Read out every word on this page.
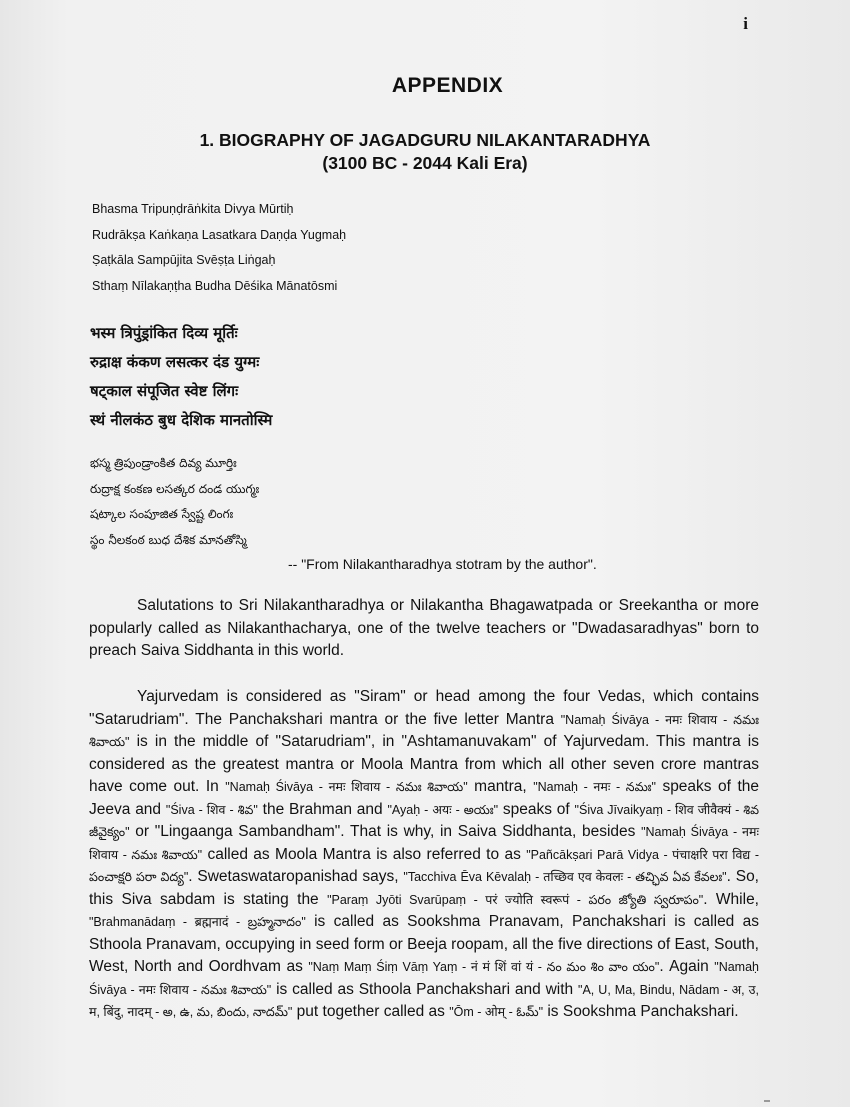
i
APPENDIX
1. BIOGRAPHY OF JAGADGURU NILAKANTARADHYA
(3100 BC - 2044 Kali Era)
Bhasma Tripuṇḍrāṅkita Divya Mūrtiḥ
Rudrākṣa Kaṅkaṇa Lasatkara Daṇḍa Yugmaḥ
Ṣaṭkāla Sampūjita Svēṣṭa Liṅgaḥ
Sthaṃ Nīlakaṇṭha Budha Dēśika Mānatōsmi
भस्म त्रिपुंड्रांकित दिव्य मूर्तिः
रुद्राक्ष कंकण लसत्कर दंड युग्मः
षट्काल संपूजित स्वेष्ट लिंगः
स्थं नीलकंठ बुध देशिक मानतोस्मि
భస్మ త్రిపుండ్రాంకిత దివ్య మూర్తిః
రుద్రాక్ష కంకణ లసత్కర దండ యుగ్మః
షట్కాల సంపూజిత స్వేష్ట లింగః
స్థం నీలకంఠ బుధ దేశిక మానతోస్మి
-- "From Nilakantharadhya stotram by the author".

Salutations to Sri Nilakantharadhya or Nilakantha Bhagawatpada or Sreekantha or more popularly called as Nilakanthacharya, one of the twelve teachers or "Dwadasaradhyas" born to preach Saiva Siddhanta in this world.

Yajurvedam is considered as "Siram" or head among the four Vedas, which contains "Satarudriam". The Panchakshari mantra or the five letter Mantra "Namaḥ Śivāya - नमः शिवाय - నమః శివాయ" is in the middle of "Satarudriam", in "Ashtamanuvakam" of Yajurvedam. This mantra is considered as the greatest mantra or Moola Mantra from which all other seven crore mantras have come out. In "Namaḥ Śivāya - नमः शिवाय - నమః శివాయ" mantra, "Namaḥ - नमः - నమః" speaks of the Jeeva and "Śiva - शिव - శివ" the Brahman and "Ayaḥ - अयः - అయః" speaks of "Śiva Jīvaikyaṃ - शिव जीवैक्यं - శివ జీవైక్యం" or "Lingaanga Sambandham". That is why, in Saiva Siddhanta, besides "Namaḥ Śivāya - नमः शिवाय - నమః శివాయ" called as Moola Mantra is also referred to as "Pañcākṣari Parā Vidya - पंचाक्षरि परा विद्य - పంచాక్షరి పరా విద్య". Swetaswataropanishad says, "Tacchiva Ēva Kēvalaḥ - तच्छिव एव केवलः - తచ్ఛివ ఏవ కేవలః". So, this Siva sabdam is stating the "Paraṃ Jyōti Svarūpaṃ - परं ज्योति स्वरूपं - పరం జ్యోతి స్వరూపం". While, "Brahmanādaṃ - ब्रह्मनादं - బ్రహ్మనాదం" is called as Sookshma Pranavam, Panchakshari is called as Sthoola Pranavam, occupying in seed form or Beeja roopam, all the five directions of East, South, West, North and Oordhvam as "Naṃ Maṃ Śiṃ Vāṃ Yaṃ - नं मं शिं वां यं - నం మం శిం వాం యం". Again "Namaḥ Śivāya - नमः शिवाय - నమః శివాయ" is called as Sthoola Panchakshari and with "A, U, Ma, Bindu, Nādam - अ, उ, म, बिंदु, नादम् - అ, ఉ, మ, బిందు, నాదమ్" put together called as "Ōm - ओम् - ఓమ్" is Sookshma Panchakshari.
